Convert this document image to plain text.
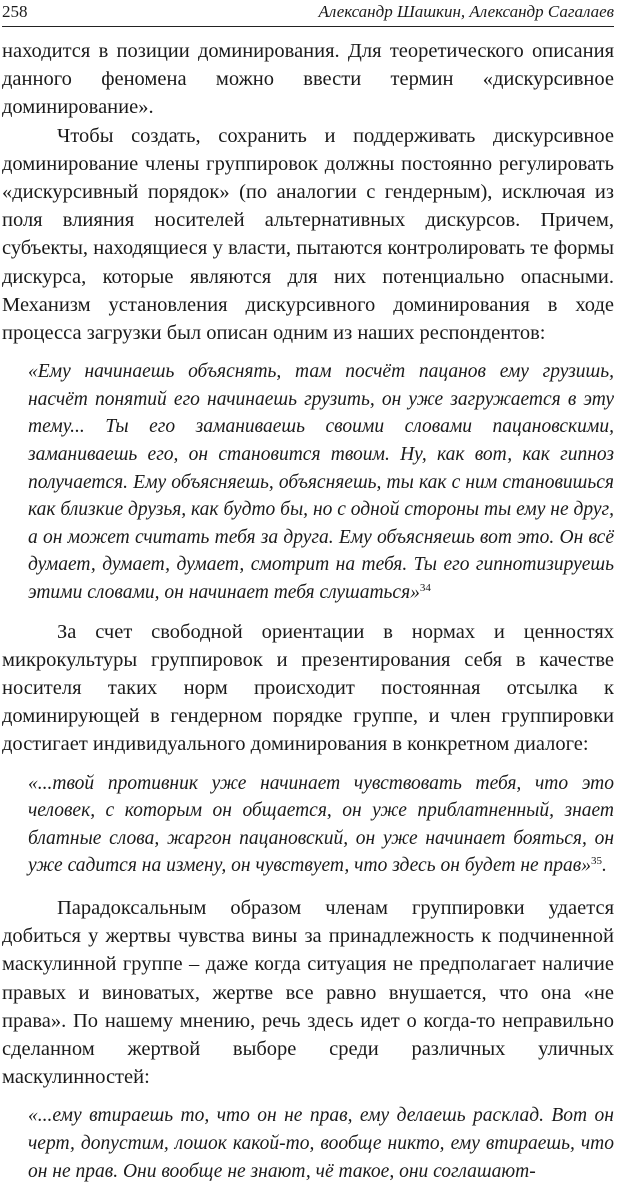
258	Александр Шашкин, Александр Сагалаев

находится в позиции доминирования. Для теоретического описания данного феномена можно ввести термин «дискурсивное доминирование».

Чтобы создать, сохранить и поддерживать дискурсивное доминирование члены группировок должны постоянно регулировать «дискурсивный порядок» (по аналогии с гендерным), исключая из поля влияния носителей альтернативных дискурсов. Причем, субъекты, находящиеся у власти, пытаются контролировать те формы дискурса, которые являются для них потенциально опасными. Механизм установления дискурсивного доминирования в ходе процесса загрузки был описан одним из наших респондентов:

«Ему начинаешь объяснять, там посчёт пацанов ему грузишь, насчёт понятий его начинаешь грузить, он уже загружается в эту тему... Ты его заманиваешь своими словами пацановскими, заманиваешь его, он становится твоим. Ну, как вот, как гипноз получается. Ему объясняешь, объясняешь, ты как с ним становишься как близкие друзья, как будто бы, но с одной стороны ты ему не друг, а он может считать тебя за друга. Ему объясняешь вот это. Он всё думает, думает, думает, смотрит на тебя. Ты его гипнотизируешь этими словами, он начинает тебя слушаться»$^{34}$

За счет свободной ориентации в нормах и ценностях микрокультуры группировок и презентирования себя в качестве носителя таких норм происходит постоянная отсылка к доминирующей в гендерном порядке группе, и член группировки достигает индивидуального доминирования в конкретном диалоге:

«...твой противник уже начинает чувствовать тебя, что это человек, с которым он общается, он уже приблатненный, знает блатные слова, жаргон пацановский, он уже начинает бояться, он уже садится на измену, он чувствует, что здесь он будет не прав»$^{35}$.

Парадоксальным образом членам группировки удается добиться у жертвы чувства вины за принадлежность к подчиненной маскулинной группе – даже когда ситуация не предполагает наличие правых и виноватых, жертве все равно внушается, что она «не права». По нашему мнению, речь здесь идет о когда-то неправильно сделанном жертвой выборе среди различных уличных маскулинностей:

«...ему втираешь то, что он не прав, ему делаешь расклад. Вот он черт, допустим, лошок какой-то, вообще никто, ему втираешь, что он не прав. Они вообще не знают, чё такое, они соглашают-
